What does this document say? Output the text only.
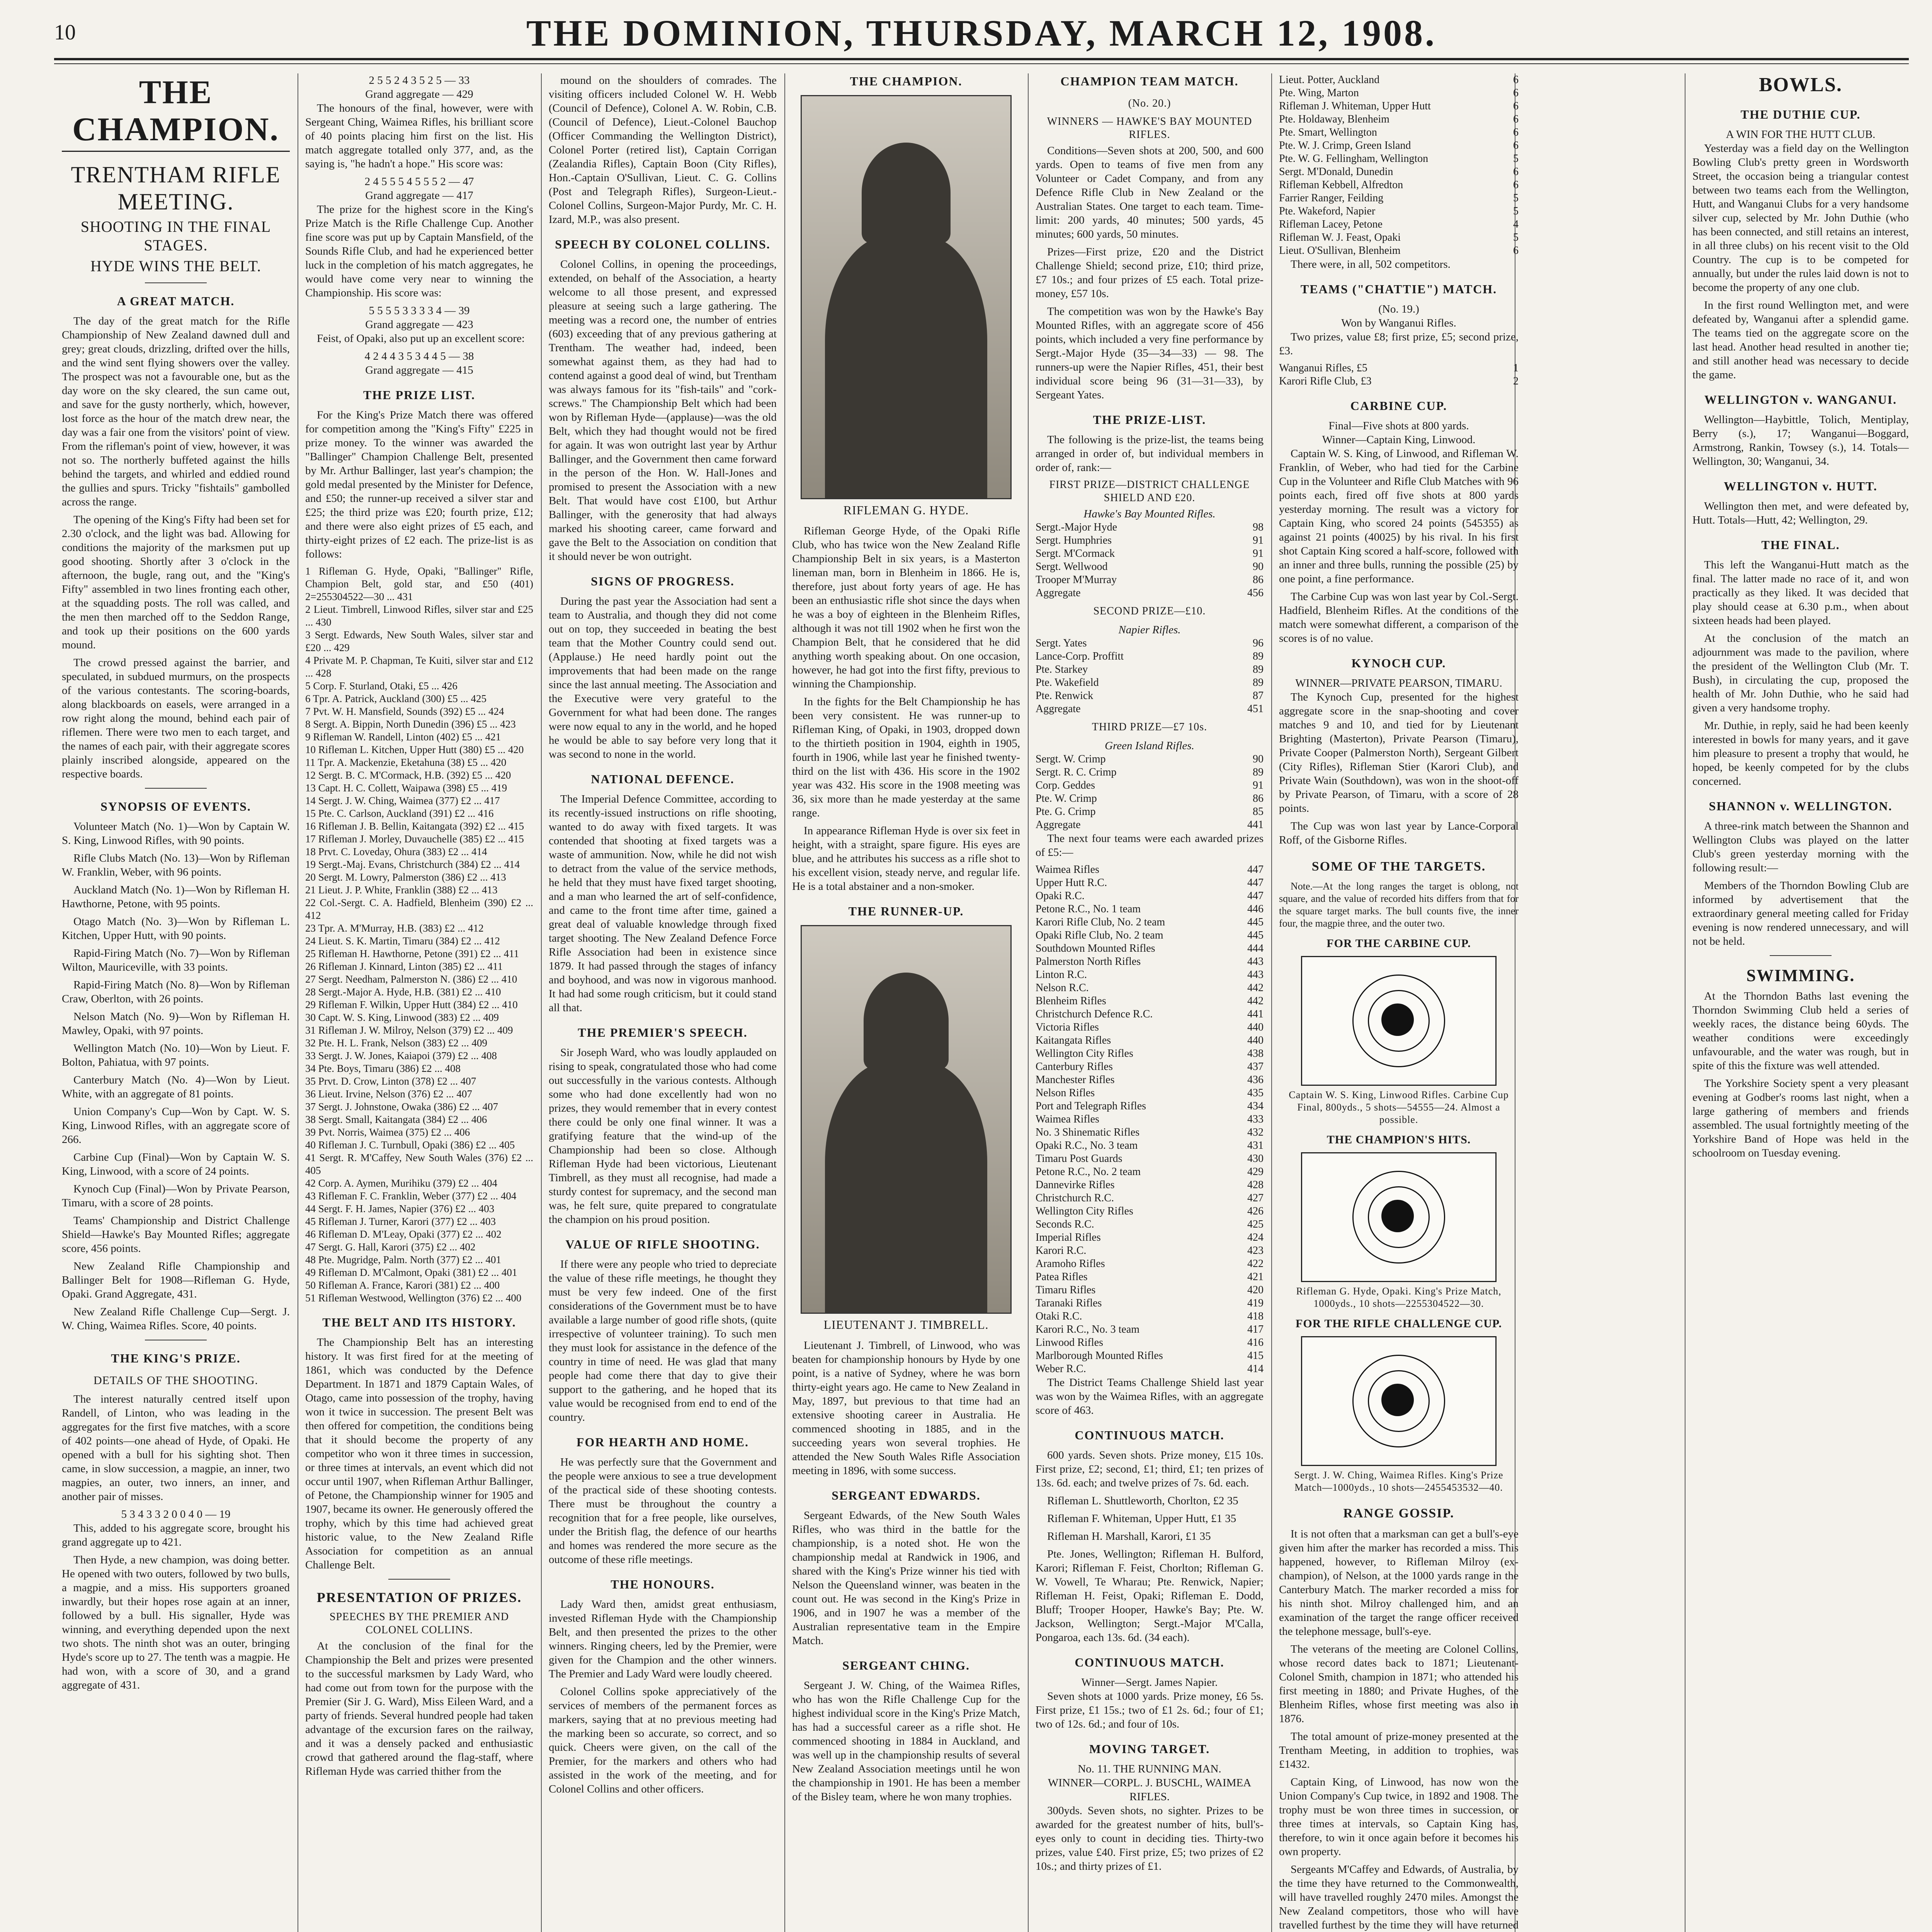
THE DOMINION, THURSDAY, MARCH 12, 1908.
10
THE CHAMPION.
TRENTHAM RIFLE MEETING.
SHOOTING IN THE FINAL STAGES.
HYDE WINS THE BELT.
A GREAT MATCH.

The day of the great match for the Rifle Championship of New Zealand dawned dull and grey; great clouds, drizzling, drifted over the hills, and the wind sent flying showers over the valley. The prospect was not a favourable one, but as the day wore on the sky cleared, the sun came out, and save for the gusty northerly, which, however, lost force as the hour of the match drew near, the day was a fair one from the visitors' point of view. From the rifleman's point of view, however, it was not so. The northerly buffeted against the hills behind the targets, and whirled and eddied round the gullies and spurs. Tricky "fishtails" gambolled across the range.

The opening of the King's Fifty had been set for 2.30 o'clock, and the light was bad. Allowing for conditions the majority of the marksmen put up good shooting. Shortly after 3 o'clock in the afternoon, the bugle, rang out, and the "King's Fifty" assembled in two lines fronting each other, at the squadding posts. The roll was called, and the men then marched off to the Seddon Range, and took up their positions on the 600 yards mound.

The crowd pressed against the barrier, and speculated, in subdued murmurs, on the prospects of the various contestants. The scoring-boards, along blackboards on easels, were arranged in a row right along the mound, behind each pair of riflemen. There were two men to each target, and the names of each pair, with their aggregate scores plainly inscribed alongside, appeared on the respective boards.

SYNOPSIS OF EVENTS.

Volunteer Match (No. 1)—Won by Captain W. S. King, Linwood Rifles, with 90 points.

Rifle Clubs Match (No. 13)—Won by Rifleman W. Franklin, Weber, with 96 points.

Auckland Match (No. 1)—Won by Rifleman H. Hawthorne, Petone, with 95 points.

Otago Match (No. 3)—Won by Rifleman L. Kitchen, Upper Hutt, with 90 points.

Rapid-Firing Match (No. 7)—Won by Rifleman Wilton, Mauriceville, with 33 points.

Rapid-Firing Match (No. 8)—Won by Rifleman Craw, Oberlton, with 26 points.

Nelson Match (No. 9)—Won by Rifleman H. Mawley, Opaki, with 97 points.

Wellington Match (No. 10)—Won by Lieut. F. Bolton, Pahiatua, with 97 points.

Canterbury Match (No. 4)—Won by Lieut. White, with an aggregate of 81 points.

Union Company's Cup—Won by Capt. W. S. King, Linwood Rifles, with an aggregate score of 266.

Carbine Cup (Final)—Won by Captain W. S. King, Linwood, with a score of 24 points.

Kynoch Cup (Final)—Won by Private Pearson, Timaru, with a score of 28 points.

Teams' Championship and District Challenge Shield—Hawke's Bay Mounted Rifles; aggregate score, 456 points.

New Zealand Rifle Championship and Ballinger Belt for 1908—Rifleman G. Hyde, Opaki. Grand Aggregate, 431.

New Zealand Rifle Challenge Cup—Sergt. J. W. Ching, Waimea Rifles. Score, 40 points.

THE KING'S PRIZE.
DETAILS OF THE SHOOTING.

The interest naturally centred itself upon Randell, of Linton, who was leading in the aggregates for the first five matches, with a score of 402 points—one ahead of Hyde, of Opaki. He opened with a bull for his sighting shot. Then came, in slow succession, a magpie, an inner, two magpies, an outer, two inners, an inner, and another pair of misses.

5 3 4 3 3 2 0 0 4 0 — 19

This, added to his aggregate score, brought his grand aggregate up to 421.

Then Hyde, a new champion, was doing better. He opened with two outers, followed by two bulls, a magpie, and a miss. His supporters groaned inwardly, but their hopes rose again at an inner, followed by a bull. His signaller, Hyde was winning, and everything depended upon the next two shots. The ninth shot was an outer, bringing Hyde's score up to 27. The tenth was a magpie. He had won, with a score of 30, and a grand aggregate of 431.

2 5 5 2 4 3 5 2 5 — 33
Grand aggregate — 429

The honours of the final, however, were with Sergeant Ching, Waimea Rifles, his brilliant score of 40 points placing him first on the list. His match aggregate totalled only 377, and, as the saying is, "he hadn't a hope." His score was:

2 4 5 5 5 4 5 5 5 2 — 47
Grand aggregate — 417

The prize for the highest score in the King's Prize Match is the Rifle Challenge Cup. Another fine score was put up by Captain Mansfield, of the Sounds Rifle Club, and had he experienced better luck in the completion of his match aggregates, he would have come very near to winning the Championship. His score was:

5 5 5 5 3 3 3 3 4 — 39
Grand aggregate — 423

Feist, of Opaki, also put up an excellent score:

4 2 4 4 3 5 3 4 4 5 — 38
Grand aggregate — 415
THE PRIZE LIST.

For the King's Prize Match there was offered for competition among the "King's Fifty" £225 in prize money. To the winner was awarded the "Ballinger" Champion Challenge Belt, presented by Mr. Arthur Ballinger, last year's champion; the gold medal presented by the Minister for Defence, and £50; the runner-up received a silver star and £25; the third prize was £20; fourth prize, £12; and there were also eight prizes of £5 each, and thirty-eight prizes of £2 each. The prize-list is as follows:

1 Rifleman G. Hyde, Opaki, "Ballinger" Rifle, Champion Belt, gold star, and £50 (401) 2=255304522—30 ... 431
2 Lieut. Timbrell, Linwood Rifles, silver star and £25 ... 430
3 Sergt. Edwards, New South Wales, silver star and £20 ... 429
4 Private M. P. Chapman, Te Kuiti, silver star and £12 ... 428
5 Corp. F. Sturland, Otaki, £5 ... 426
6 Tpr. A. Patrick, Auckland (300) £5 ... 425
7 Pvt. W. H. Mansfield, Sounds (392) £5 ... 424
8 Sergt. A. Bippin, North Dunedin (396) £5 ... 423
9 Rifleman W. Randell, Linton (402) £5 ... 421
10 Rifleman L. Kitchen, Upper Hutt (380) £5 ... 420
11 Tpr. A. Mackenzie, Eketahuna (38) £5 ... 420
12 Sergt. B. C. M'Cormack, H.B. (392) £5 ... 420
13 Capt. H. C. Collett, Waipawa (398) £5 ... 419
14 Sergt. J. W. Ching, Waimea (377) £2 ... 417
15 Pte. C. Carlson, Auckland (391) £2 ... 416
16 Rifleman J. B. Bellin, Kaitangata (392) £2 ... 415
17 Rifleman J. Morley, Duvauchelle (385) £2 ... 415
18 Prvt. C. Loveday, Ohura (383) £2 ... 414
19 Sergt.-Maj. Evans, Christchurch (384) £2 ... 414
20 Sergt. M. Lowry, Palmerston (386) £2 ... 413
21 Lieut. J. P. White, Franklin (388) £2 ... 413
22 Col.-Sergt. C. A. Hadfield, Blenheim (390) £2 ... 412
23 Tpr. A. M'Murray, H.B. (383) £2 ... 412
24 Lieut. S. K. Martin, Timaru (384) £2 ... 412
25 Rifleman H. Hawthorne, Petone (391) £2 ... 411
26 Rifleman J. Kinnard, Linton (385) £2 ... 411
27 Sergt. Needham, Palmerston N. (386) £2 ... 410
28 Sergt.-Major A. Hyde, H.B. (381) £2 ... 410
29 Rifleman F. Wilkin, Upper Hutt (384) £2 ... 410
30 Capt. W. S. King, Linwood (383) £2 ... 409
31 Rifleman J. W. Milroy, Nelson (379) £2 ... 409
32 Pte. H. L. Frank, Nelson (383) £2 ... 409
33 Sergt. J. W. Jones, Kaiapoi (379) £2 ... 408
34 Pte. Boys, Timaru (386) £2 ... 408
35 Prvt. D. Crow, Linton (378) £2 ... 407
36 Lieut. Irvine, Nelson (376) £2 ... 407
37 Sergt. J. Johnstone, Owaka (386) £2 ... 407
38 Sergt. Small, Kaitangata (384) £2 ... 406
39 Pvt. Norris, Waimea (375) £2 ... 406
40 Rifleman J. C. Turnbull, Opaki (386) £2 ... 405
41 Sergt. R. M'Caffey, New South Wales (376) £2 ... 405
42 Corp. A. Aymen, Murihiku (379) £2 ... 404
43 Rifleman F. C. Franklin, Weber (377) £2 ... 404
44 Sergt. F. H. James, Napier (376) £2 ... 403
45 Rifleman J. Turner, Karori (377) £2 ... 403
46 Rifleman D. M'Leay, Opaki (377) £2 ... 402
47 Sergt. G. Hall, Karori (375) £2 ... 402
48 Pte. Mugridge, Palm. North (377) £2 ... 401
49 Rifleman D. M'Calmont, Opaki (381) £2 ... 401
50 Rifleman A. France, Karori (381) £2 ... 400
51 Rifleman Westwood, Wellington (376) £2 ... 400
THE BELT AND ITS HISTORY.

The Championship Belt has an interesting history. It was first fired for at the meeting of 1861, which was conducted by the Defence Department. In 1871 and 1879 Captain Wales, of Otago, came into possession of the trophy, having won it twice in succession. The present Belt was then offered for competition, the conditions being that it should become the property of any competitor who won it three times in succession, or three times at intervals, an event which did not occur until 1907, when Rifleman Arthur Ballinger, of Petone, the Championship winner for 1905 and 1907, became its owner. He generously offered the trophy, which by this time had achieved great historic value, to the New Zealand Rifle Association for competition as an annual Challenge Belt.

PRESENTATION OF PRIZES.
SPEECHES BY THE PREMIER AND COLONEL COLLINS.

At the conclusion of the final for the Championship the Belt and prizes were presented to the successful marksmen by Lady Ward, who had come out from town for the purpose with the Premier (Sir J. G. Ward), Miss Eileen Ward, and a party of friends. Several hundred people had taken advantage of the excursion fares on the railway, and it was a densely packed and enthusiastic crowd that gathered around the flag-staff, where Rifleman Hyde was carried thither from the

mound on the shoulders of comrades. The visiting officers included Colonel W. H. Webb (Council of Defence), Colonel A. W. Robin, C.B. (Council of Defence), Lieut.-Colonel Bauchop (Officer Commanding the Wellington District), Colonel Porter (retired list), Captain Corrigan (Zealandia Rifles), Captain Boon (City Rifles), Hon.-Captain O'Sullivan, Lieut. C. G. Collins (Post and Telegraph Rifles), Surgeon-Lieut.-Colonel Collins, Surgeon-Major Purdy, Mr. C. H. Izard, M.P., was also present.

SPEECH BY COLONEL COLLINS.

Colonel Collins, in opening the proceedings, extended, on behalf of the Association, a hearty welcome to all those present, and expressed pleasure at seeing such a large gathering. The meeting was a record one, the number of entries (603) exceeding that of any previous gathering at Trentham. The weather had, indeed, been somewhat against them, as they had had to contend against a good deal of wind, but Trentham was always famous for its "fish-tails" and "cork-screws." The Championship Belt which had been won by Rifleman Hyde—(applause)—was the old Belt, which they had thought would not be fired for again. It was won outright last year by Arthur Ballinger, and the Government then came forward in the person of the Hon. W. Hall-Jones and promised to present the Association with a new Belt. That would have cost £100, but Arthur Ballinger, with the generosity that had always marked his shooting career, came forward and gave the Belt to the Association on condition that it should never be won outright.

SIGNS OF PROGRESS.

During the past year the Association had sent a team to Australia, and though they did not come out on top, they succeeded in beating the best team that the Mother Country could send out. (Applause.) He need hardly point out the improvements that had been made on the range since the last annual meeting. The Association and the Executive were very grateful to the Government for what had been done. The ranges were now equal to any in the world, and he hoped he would be able to say before very long that it was second to none in the world.

NATIONAL DEFENCE.

The Imperial Defence Committee, according to its recently-issued instructions on rifle shooting, wanted to do away with fixed targets. It was contended that shooting at fixed targets was a waste of ammunition. Now, while he did not wish to detract from the value of the service methods, he held that they must have fixed target shooting, and a man who learned the art of self-confidence, and came to the front time after time, gained a great deal of valuable knowledge through fixed target shooting. The New Zealand Defence Force Rifle Association had been in existence since 1879. It had passed through the stages of infancy and boyhood, and was now in vigorous manhood. It had had some rough criticism, but it could stand all that.

THE PREMIER'S SPEECH.

Sir Joseph Ward, who was loudly applauded on rising to speak, congratulated those who had come out successfully in the various contests. Although some who had done excellently had won no prizes, they would remember that in every contest there could be only one final winner. It was a gratifying feature that the wind-up of the Championship had been so close. Although Rifleman Hyde had been victorious, Lieutenant Timbrell, as they must all recognise, had made a sturdy contest for supremacy, and the second man was, he felt sure, quite prepared to congratulate the champion on his proud position.

VALUE OF RIFLE SHOOTING.

If there were any people who tried to depreciate the value of these rifle meetings, he thought they must be very few indeed. One of the first considerations of the Government must be to have available a large number of good rifle shots, (quite irrespective of volunteer training). To such men they must look for assistance in the defence of the country in time of need. He was glad that many people had come there that day to give their support to the gathering, and he hoped that its value would be recognised from end to end of the country.

FOR HEARTH AND HOME.

He was perfectly sure that the Government and the people were anxious to see a true development of the practical side of these shooting contests. There must be throughout the country a recognition that for a free people, like ourselves, under the British flag, the defence of our hearths and homes was rendered the more secure as the outcome of these rifle meetings.

THE HONOURS.

Lady Ward then, amidst great enthusiasm, invested Rifleman Hyde with the Championship Belt, and then presented the prizes to the other winners. Ringing cheers, led by the Premier, were given for the Champion and the other winners. The Premier and Lady Ward were loudly cheered.

Colonel Collins spoke appreciatively of the services of members of the permanent forces as markers, saying that at no previous meeting had the marking been so accurate, so correct, and so quick. Cheers were given, on the call of the Premier, for the markers and others who had assisted in the work of the meeting, and for Colonel Collins and other officers.

THE CHAMPION.
RIFLEMAN G. HYDE.

Rifleman George Hyde, of the Opaki Rifle Club, who has twice won the New Zealand Rifle Championship Belt in six years, is a Masterton lineman man, born in Blenheim in 1866. He is, therefore, just about forty years of age. He has been an enthusiastic rifle shot since the days when he was a boy of eighteen in the Blenheim Rifles, although it was not till 1902 when he first won the Champion Belt, that he considered that he did anything worth speaking about. On one occasion, however, he had got into the first fifty, previous to winning the Championship.

In the fights for the Belt Championship he has been very consistent. He was runner-up to Rifleman King, of Opaki, in 1903, dropped down to the thirtieth position in 1904, eighth in 1905, fourth in 1906, while last year he finished twenty-third on the list with 436. His score in the 1902 year was 432. His score in the 1908 meeting was 36, six more than he made yesterday at the same range.

In appearance Rifleman Hyde is over six feet in height, with a straight, spare figure. His eyes are blue, and he attributes his success as a rifle shot to his excellent vision, steady nerve, and regular life. He is a total abstainer and a non-smoker.

THE RUNNER-UP.
LIEUTENANT J. TIMBRELL.

Lieutenant J. Timbrell, of Linwood, who was beaten for championship honours by Hyde by one point, is a native of Sydney, where he was born thirty-eight years ago. He came to New Zealand in May, 1897, but previous to that time had an extensive shooting career in Australia. He commenced shooting in 1885, and in the succeeding years won several trophies. He attended the New South Wales Rifle Association meeting in 1896, with some success.

SERGEANT EDWARDS.

Sergeant Edwards, of the New South Wales Rifles, who was third in the battle for the championship, is a noted shot. He won the championship medal at Randwick in 1906, and shared with the King's Prize winner his tied with Nelson the Queensland winner, was beaten in the count out. He was second in the King's Prize in 1906, and in 1907 he was a member of the Australian representative team in the Empire Match.

SERGEANT CHING.

Sergeant J. W. Ching, of the Waimea Rifles, who has won the Rifle Challenge Cup for the highest individual score in the King's Prize Match, has had a successful career as a rifle shot. He commenced shooting in 1884 in Auckland, and was well up in the championship results of several New Zealand Association meetings until he won the championship in 1901. He has been a member of the Bisley team, where he won many trophies.

CHAMPION TEAM MATCH.
(No. 20.)
WINNERS — HAWKE'S BAY MOUNTED RIFLES.

Conditions—Seven shots at 200, 500, and 600 yards. Open to teams of five men from any Volunteer or Cadet Company, and from any Defence Rifle Club in New Zealand or the Australian States. One target to each team. Time-limit: 200 yards, 40 minutes; 500 yards, 45 minutes; 600 yards, 50 minutes.

Prizes—First prize, £20 and the District Challenge Shield; second prize, £10; third prize, £7 10s.; and four prizes of £5 each. Total prize-money, £57 10s.

The competition was won by the Hawke's Bay Mounted Rifles, with an aggregate score of 456 points, which included a very fine performance by Sergt.-Major Hyde (35—34—33) — 98. The runners-up were the Napier Rifles, 451, their best individual score being 96 (31—31—33), by Sergeant Yates.

THE PRIZE-LIST.

The following is the prize-list, the teams being arranged in order of, but individual members in order of, rank:—

FIRST PRIZE—DISTRICT CHALLENGE SHIELD AND £20.
Hawke's Bay Mounted Rifles.
Sergt.-Major Hyde	98
Sergt. Humphries	91
Sergt. M'Cormack	91
Sergt. Wellwood	90
Trooper M'Murray	86
Aggregate	456
SECOND PRIZE—£10.
Napier Rifles.
Sergt. Yates	96
Lance-Corp. Proffitt	89
Pte. Starkey	89
Pte. Wakefield	89
Pte. Renwick	87
Aggregate	451
THIRD PRIZE—£7 10s.
Green Island Rifles.
Sergt. W. Crimp	90
Sergt. R. C. Crimp	89
Corp. Geddes	91
Pte. W. Crimp	86
Pte. G. Crimp	85
Aggregate	441

The next four teams were each awarded prizes of £5:—

Waimea Rifles	447
Upper Hutt R.C.	447
Opaki R.C.	447
Petone R.C., No. 1 team	446
Karori Rifle Club, No. 2 team	445
Opaki Rifle Club, No. 2 team	445
Southdown Mounted Rifles	444
Palmerston North Rifles	443
Linton R.C.	443
Nelson R.C.	442
Blenheim Rifles	442
Christchurch Defence R.C.	441
Victoria Rifles	440
Kaitangata Rifles	440
Wellington City Rifles	438
Canterbury Rifles	437
Manchester Rifles	436
Nelson Rifles	435
Port and Telegraph Rifles	434
Waimea Rifles	433
No. 3 Shinematic Rifles	432
Opaki R.C., No. 3 team	431
Timaru Post Guards	430
Petone R.C., No. 2 team	429
Dannevirke Rifles	428
Christchurch R.C.	427
Wellington City Rifles	426
Seconds R.C.	425
Imperial Rifles	424
Karori R.C.	423
Aramoho Rifles	422
Patea Rifles	421
Timaru Rifles	420
Taranaki Rifles	419
Otaki R.C.	418
Karori R.C., No. 3 team	417
Linwood Rifles	416
Marlborough Mounted Rifles	415
Weber R.C.	414

The District Teams Challenge Shield last year was won by the Waimea Rifles, with an aggregate score of 463.

CONTINUOUS MATCH.

600 yards. Seven shots. Prize money, £15 10s. First prize, £2; second, £1; third, £1; ten prizes of 13s. 6d. each; and twelve prizes of 7s. 6d. each.

Rifleman L. Shuttleworth, Chorlton, £2 35

Rifleman F. Whiteman, Upper Hutt, £1 35

Rifleman H. Marshall, Karori, £1 35

Pte. Jones, Wellington; Rifleman H. Bulford, Karori; Rifleman F. Feist, Chorlton; Rifleman G. W. Vowell, Te Wharau; Pte. Renwick, Napier; Rifleman H. Feist, Opaki; Rifleman E. Dodd, Bluff; Trooper Hooper, Hawke's Bay; Pte. W. Jackson, Wellington; Sergt.-Major M'Calla, Pongaroa, each 13s. 6d. (34 each).

CONTINUOUS MATCH.
Winner—Sergt. James Napier.

Seven shots at 1000 yards. Prize money, £6 5s. First prize, £1 15s.; two of £1 2s. 6d.; four of £1; two of 12s. 6d.; and four of 10s.

MOVING TARGET.
No. 11. THE RUNNING MAN.
WINNER—CORPL. J. BUSCHL, WAIMEA RIFLES.

300yds. Seven shots, no sighter. Prizes to be awarded for the greatest number of hits, bull's-eyes only to count in deciding ties. Thirty-two prizes, value £40. First prize, £5; two prizes of £2 10s.; and thirty prizes of £1.

Lieut. Potter, Auckland	6
Pte. Wing, Marton	6
Rifleman J. Whiteman, Upper Hutt	6
Pte. Holdaway, Blenheim	6
Pte. Smart, Wellington	6
Pte. W. J. Crimp, Green Island	6
Pte. W. G. Fellingham, Wellington	5
Sergt. M'Donald, Dunedin	6
Rifleman Kebbell, Alfredton	6
Farrier Ranger, Feilding	5
Pte. Wakeford, Napier	5
Rifleman Lacey, Petone	4
Rifleman W. J. Feast, Opaki	5
Lieut. O'Sullivan, Blenheim	6

There were, in all, 502 competitors.

TEAMS ("CHATTIE") MATCH.
(No. 19.)
Won by Wanganui Rifles.

Two prizes, value £8; first prize, £5; second prize, £3.

Wanganui Rifles, £5	1
Karori Rifle Club, £3	2
CARBINE CUP.
Final—Five shots at 800 yards.
Winner—Captain King, Linwood.

Captain W. S. King, of Linwood, and Rifleman W. Franklin, of Weber, who had tied for the Carbine Cup in the Volunteer and Rifle Club Matches with 96 points each, fired off five shots at 800 yards yesterday morning. The result was a victory for Captain King, who scored 24 points (545355) as against 21 points (40025) by his rival. In his first shot Captain King scored a half-score, followed with an inner and three bulls, running the possible (25) by one point, a fine performance.

The Carbine Cup was won last year by Col.-Sergt. Hadfield, Blenheim Rifles. At the conditions of the match were somewhat different, a comparison of the scores is of no value.

KYNOCH CUP.
WINNER—PRIVATE PEARSON, TIMARU.

The Kynoch Cup, presented for the highest aggregate score in the snap-shooting and cover matches 9 and 10, and tied for by Lieutenant Brighting (Masterton), Private Pearson (Timaru), Private Cooper (Palmerston North), Sergeant Gilbert (City Rifles), Rifleman Stier (Karori Club), and Private Wain (Southdown), was won in the shoot-off by Private Pearson, of Timaru, with a score of 28 points.

The Cup was won last year by Lance-Corporal Roff, of the Gisborne Rifles.

SOME OF THE TARGETS.

Note.—At the long ranges the target is oblong, not square, and the value of recorded hits differs from that for the square target marks. The bull counts five, the inner four, the magpie three, and the outer two.

FOR THE CARBINE CUP.
Captain W. S. King, Linwood Rifles. Carbine Cup Final, 800yds., 5 shots—54555—24. Almost a possible.
THE CHAMPION'S HITS.
Rifleman G. Hyde, Opaki. King's Prize Match, 1000yds., 10 shots—2255304522—30.
FOR THE RIFLE CHALLENGE CUP.
Sergt. J. W. Ching, Waimea Rifles. King's Prize Match—1000yds., 10 shots—2455453532—40.
RANGE GOSSIP.

It is not often that a marksman can get a bull's-eye given him after the marker has recorded a miss. This happened, however, to Rifleman Milroy (ex-champion), of Nelson, at the 1000 yards range in the Canterbury Match. The marker recorded a miss for his ninth shot. Milroy challenged him, and an examination of the target the range officer received the telephone message, bull's-eye.

The veterans of the meeting are Colonel Collins, whose record dates back to 1871; Lieutenant-Colonel Smith, champion in 1871; who attended his first meeting in 1880; and Private Hughes, of the Blenheim Rifles, whose first meeting was also in 1876.

The total amount of prize-money presented at the Trentham Meeting, in addition to trophies, was £1432.

Captain King, of Linwood, has now won the Union Company's Cup twice, in 1892 and 1908. The trophy must be won three times in succession, or three times at intervals, so Captain King has, therefore, to win it once again before it becomes his own property.

Sergeants M'Caffey and Edwards, of Australia, by the time they have returned to the Commonwealth, will have travelled roughly 2470 miles. Amongst the New Zealand competitors, those who will have travelled furthest by the time they will have returned

BOWLS.
THE DUTHIE CUP.
A WIN FOR THE HUTT CLUB.

Yesterday was a field day on the Wellington Bowling Club's pretty green in Wordsworth Street, the occasion being a triangular contest between two teams each from the Wellington, Hutt, and Wanganui Clubs for a very handsome silver cup, selected by Mr. John Duthie (who has been connected, and still retains an interest, in all three clubs) on his recent visit to the Old Country. The cup is to be competed for annually, but under the rules laid down is not to become the property of any one club.

In the first round Wellington met, and were defeated by, Wanganui after a splendid game. The teams tied on the aggregate score on the last head. Another head resulted in another tie; and still another head was necessary to decide the game.

WELLINGTON v. WANGANUI.

Wellington—Haybittle, Tolich, Mentiplay, Berry (s.), 17; Wanganui—Boggard, Armstrong, Rankin, Towsey (s.), 14. Totals—Wellington, 30; Wanganui, 34.

WELLINGTON v. HUTT.

Wellington then met, and were defeated by, Hutt. Totals—Hutt, 42; Wellington, 29.

THE FINAL.

This left the Wanganui-Hutt match as the final. The latter made no race of it, and won practically as they liked. It was decided that play should cease at 6.30 p.m., when about sixteen heads had been played.

At the conclusion of the match an adjournment was made to the pavilion, where the president of the Wellington Club (Mr. T. Bush), in circulating the cup, proposed the health of Mr. John Duthie, who he said had given a very handsome trophy.

Mr. Duthie, in reply, said he had been keenly interested in bowls for many years, and it gave him pleasure to present a trophy that would, he hoped, be keenly competed for by the clubs concerned.

SHANNON v. WELLINGTON.

A three-rink match between the Shannon and Wellington Clubs was played on the latter Club's green yesterday morning with the following result:—

Members of the Thorndon Bowling Club are informed by advertisement that the extraordinary general meeting called for Friday evening is now rendered unnecessary, and will not be held.

SWIMMING.

At the Thorndon Baths last evening the Thorndon Swimming Club held a series of weekly races, the distance being 60yds. The weather conditions were exceedingly unfavourable, and the water was rough, but in spite of this the fixture was well attended.

The Yorkshire Society spent a very pleasant evening at Godber's rooms last night, when a large gathering of members and friends assembled. The usual fortnightly meeting of the Yorkshire Band of Hope was held in the schoolroom on Tuesday evening.
